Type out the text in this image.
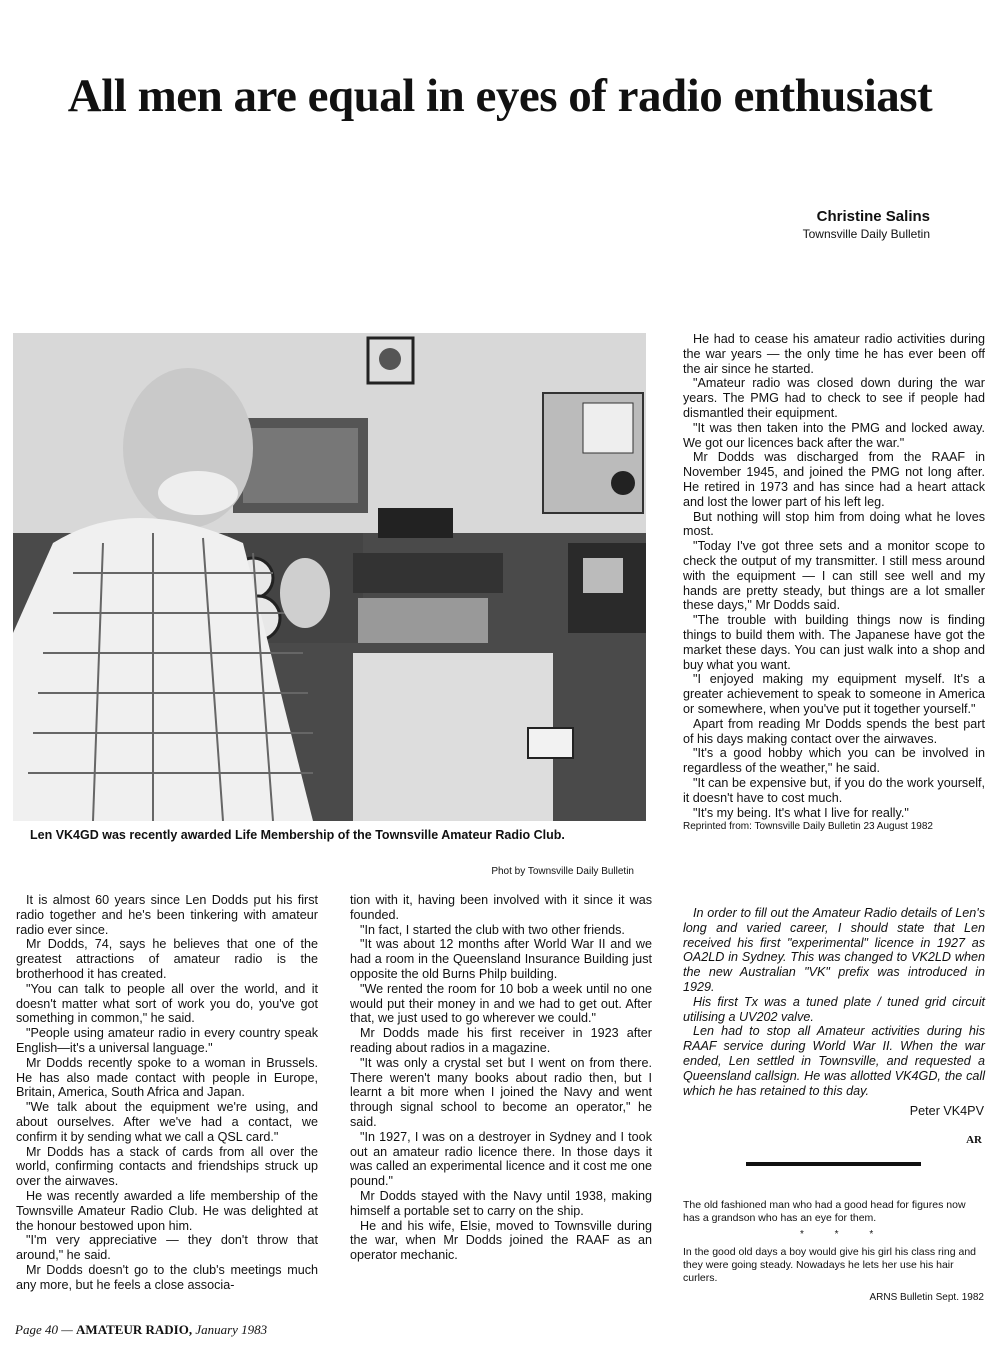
All men are equal in eyes of radio enthusiast
Christine Salins
Townsville Daily Bulletin
Len VK4GD was recently awarded Life Membership of the Townsville Amateur Radio Club.
Phot by Townsville Daily Bulletin

It is almost 60 years since Len Dodds put his first radio together and he's been tinkering with amateur radio ever since.

Mr Dodds, 74, says he believes that one of the greatest attractions of amateur radio is the brotherhood it has created.

"You can talk to people all over the world, and it doesn't matter what sort of work you do, you've got something in common," he said.

"People using amateur radio in every country speak English—it's a universal language."

Mr Dodds recently spoke to a woman in Brussels. He has also made contact with people in Europe, Britain, America, South Africa and Japan.

"We talk about the equipment we're using, and about ourselves. After we've had a contact, we confirm it by sending what we call a QSL card."

Mr Dodds has a stack of cards from all over the world, confirming contacts and friendships struck up over the airwaves.

He was recently awarded a life membership of the Townsville Amateur Radio Club. He was delighted at the honour bestowed upon him.

"I'm very appreciative — they don't throw that around," he said.

Mr Dodds doesn't go to the club's meetings much any more, but he feels a close associa-

tion with it, having been involved with it since it was founded.

"In fact, I started the club with two other friends.

"It was about 12 months after World War II and we had a room in the Queensland Insurance Building just opposite the old Burns Philp building.

"We rented the room for 10 bob a week until no one would put their money in and we had to get out. After that, we just used to go wherever we could."

Mr Dodds made his first receiver in 1923 after reading about radios in a magazine.

"It was only a crystal set but I went on from there. There weren't many books about radio then, but I learnt a bit more when I joined the Navy and went through signal school to become an operator," he said.

"In 1927, I was on a destroyer in Sydney and I took out an amateur radio licence there. In those days it was called an experimental licence and it cost me one pound."

Mr Dodds stayed with the Navy until 1938, making himself a portable set to carry on the ship.

He and his wife, Elsie, moved to Townsville during the war, when Mr Dodds joined the RAAF as an operator mechanic.

He had to cease his amateur radio activities during the war years — the only time he has ever been off the air since he started.

"Amateur radio was closed down during the war years. The PMG had to check to see if people had dismantled their equipment.

"It was then taken into the PMG and locked away. We got our licences back after the war."

Mr Dodds was discharged from the RAAF in November 1945, and joined the PMG not long after. He retired in 1973 and has since had a heart attack and lost the lower part of his left leg.

But nothing will stop him from doing what he loves most.

"Today I've got three sets and a monitor scope to check the output of my transmitter. I still mess around with the equipment — I can still see well and my hands are pretty steady, but things are a lot smaller these days," Mr Dodds said.

"The trouble with building things now is finding things to build them with. The Japanese have got the market these days. You can just walk into a shop and buy what you want.

"I enjoyed making my equipment myself. It's a greater achievement to speak to someone in America or somewhere, when you've put it together yourself."

Apart from reading Mr Dodds spends the best part of his days making contact over the airwaves.

"It's a good hobby which you can be involved in regardless of the weather," he said.

"It can be expensive but, if you do the work yourself, it doesn't have to cost much.

"It's my being. It's what I live for really."

Reprinted from: Townsville Daily Bulletin 23 August 1982

In order to fill out the Amateur Radio details of Len's long and varied career, I should state that Len received his first "experimental" licence in 1927 as OA2LD in Sydney. This was changed to VK2LD when the new Australian "VK" prefix was introduced in 1929.

His first Tx was a tuned plate / tuned grid circuit utilising a UV202 valve.

Len had to stop all Amateur activities during his RAAF service during World War II. When the war ended, Len settled in Townsville, and requested a Queensland callsign. He was allotted VK4GD, the call which he has retained to this day.

Peter VK4PV
AR
The old fashioned man who had a good head for figures now has a grandson who has an eye for them.
* * *
In the good old days a boy would give his girl his class ring and they were going steady. Nowadays he lets her use his hair curlers.
ARNS Bulletin Sept. 1982
Page 40 — AMATEUR RADIO, January 1983
